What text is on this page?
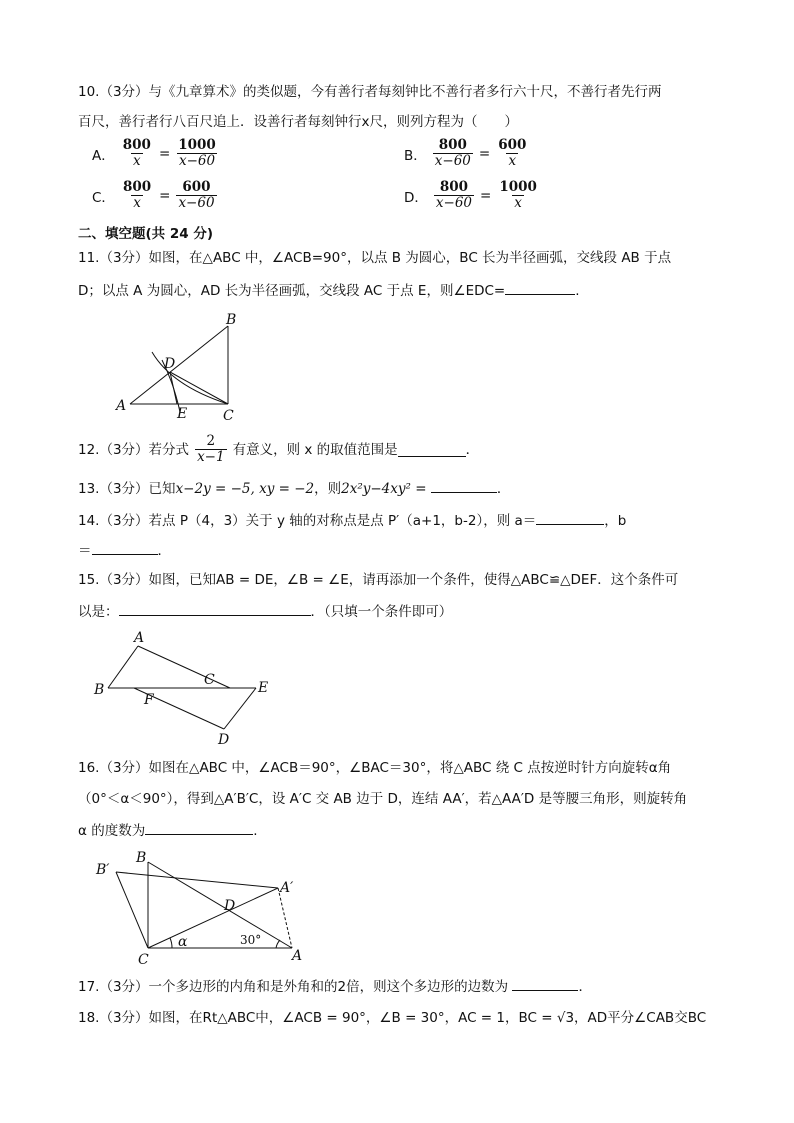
10.（3分）与《九章算术》的类似题，今有善行者每刻钟比不善行者多行六十尺，不善行者先行两
百尺，善行者行八百尺追上．设善行者每刻钟行x尺，则列方程为（　　）
A． $\frac{800}{x} = \frac{1000}{x-60}$	B． $\frac{800}{x-60} = \frac{600}{x}$
C． $\frac{800}{x} = \frac{600}{x-60}$	D． $\frac{800}{x-60} = \frac{1000}{x}$
二、填空题(共 24 分)
11.（3分）如图，在△ABC 中，∠ACB=90°，以点 B 为圆心，BC 长为半径画弧，交线段 AB 于点
D；以点 A 为圆心，AD 长为半径画弧，交线段 AC 于点 E，则∠EDC=	.
B
D
A	E	C
12.（3分）若分式 $\frac{2}{x-1}$ 有意义，则 x 的取值范围是	．
13.（3分）已知x−2y = −5, xy = −2，则2x²y−4xy² =	．
14.（3分）若点 P（4，3）关于 y 轴的对称点是点 P′（a+1，b-2），则 a＝	，b
＝	．
15.（3分）如图，已知AB = DE，∠B = ∠E，请再添加一个条件，使得△ABC≌△DEF．这个条件可
以是：	．（只填一个条件即可）
A
B
C	E
F
D
16.（3分）如图在△ABC 中，∠ACB＝90°，∠BAC＝30°，将△ABC 绕 C 点按逆时针方向旋转α角
（0°＜α＜90°），得到△A′B′C，设 A′C 交 AB 边于 D，连结 AA′，若△AA′D 是等腰三角形，则旋转角
α 的度数为	.
B
B′
A′
D
C	A
α	30°
17.（3分）一个多边形的内角和是外角和的2倍，则这个多边形的边数为	．
18.（3分）如图，在Rt△ABC中，∠ACB = 90°，∠B = 30°，AC = 1，BC = √3，AD平分∠CAB交BC
